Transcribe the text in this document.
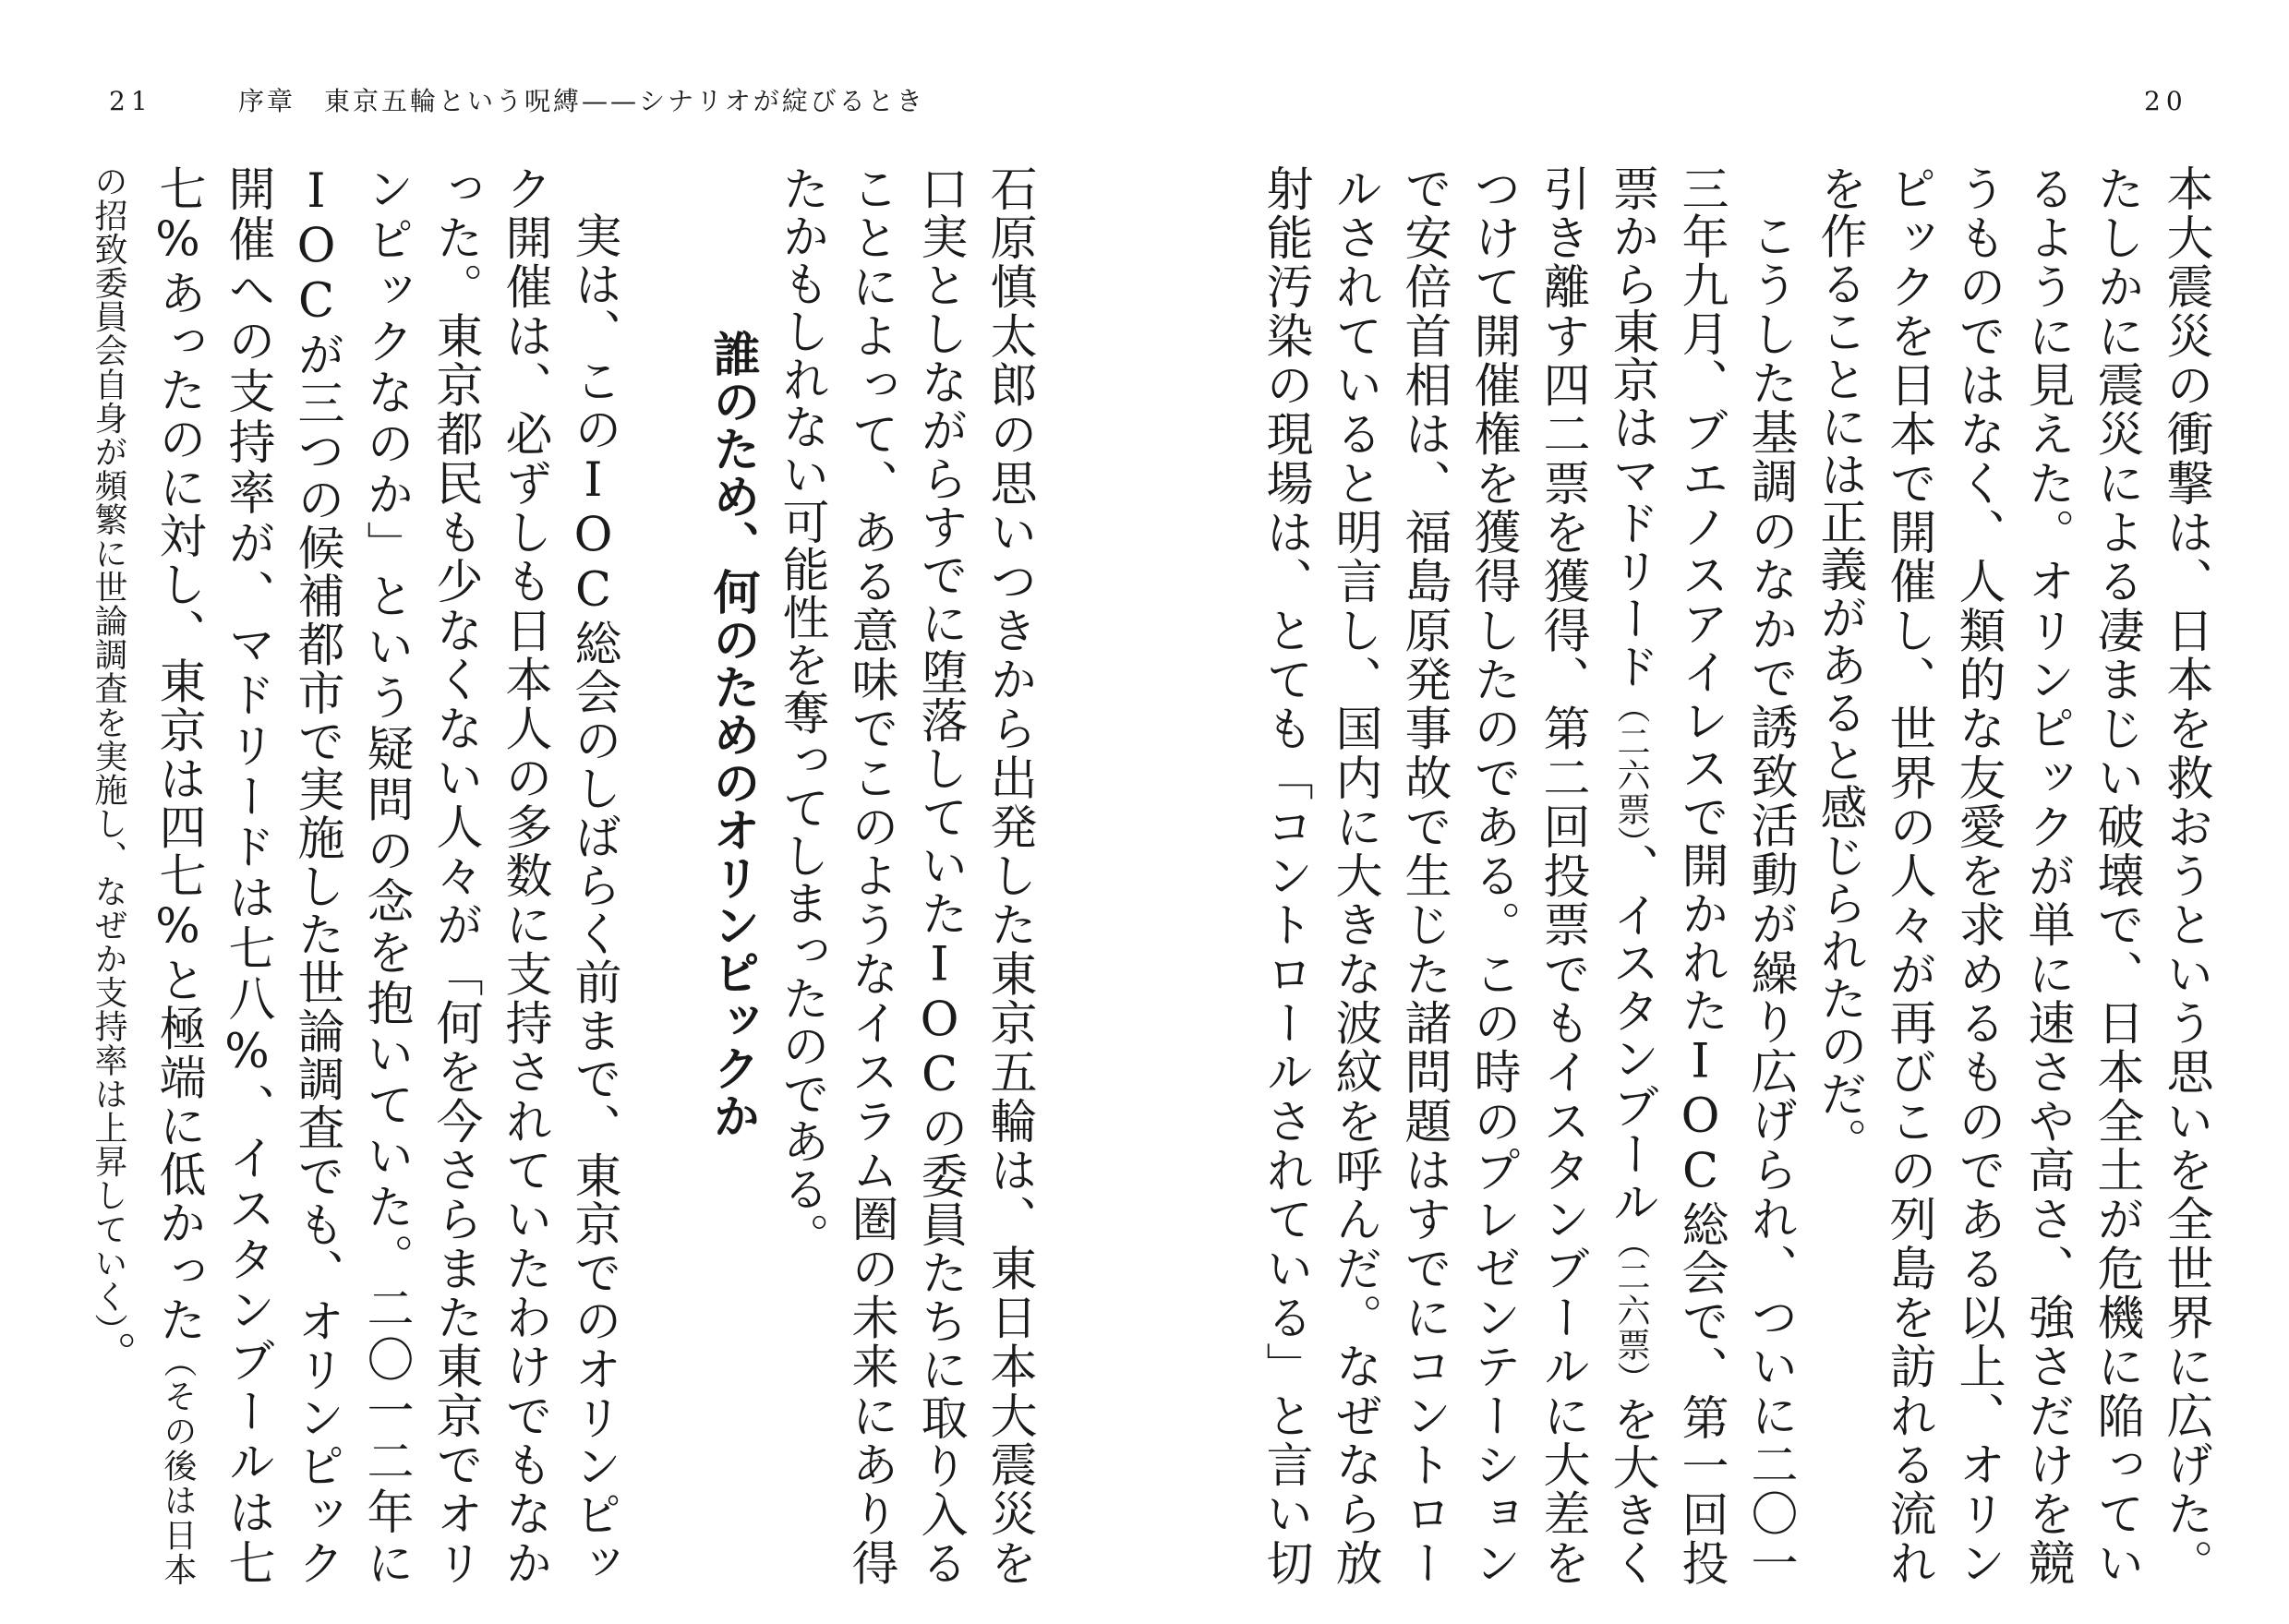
21	序章　東京五輪という呪縛——シナリオが綻びるとき	20

本大震災の衝撃は、日本を救おうという思いを全世界に広げた。たしかに震災による凄まじい破壊で、日本全土が危機に陥っているように見えた。オリンピックが単に速さや高さ、強さだけを競うものではなく、人類的な友愛を求めるものである以上、オリンピックを日本で開催し、世界の人々が再びこの列島を訪れる流れを作ることには正義があると感じられたのだ。

こうした基調のなかで誘致活動が繰り広げられ、ついに二〇一三年九月、ブエノスアイレスで開かれたIOC総会で、第一回投票から東京はマドリード（二六票）、イスタンブール（二六票）を大きく引き離す四二票を獲得、第二回投票でもイスタンブールに大差をつけて開催権を獲得したのである。この時のプレゼンテーションで安倍首相は、福島原発事故で生じた諸問題はすでにコントロールされていると明言し、国内に大きな波紋を呼んだ。なぜなら放射能汚染の現場は、とても「コントロールされている」と言い切

石原慎太郎の思いつきから出発した東京五輪は、東日本大震災を口実としながらすでに堕落していたIOCの委員たちに取り入ることによって、ある意味でこのようなイスラム圏の未来にあり得たかもしれない可能性を奪ってしまったのである。

誰のため、何のためのオリンピックか

実は、このIOC総会のしばらく前まで、東京でのオリンピック開催は、必ずしも日本人の多数に支持されていたわけでもなかった。東京都民も少なくない人々が「何を今さらまた東京でオリンピックなのか」という疑問の念を抱いていた。二〇一二年にIOCが三つの候補都市で実施した世論調査でも、オリンピック開催への支持率が、マドリードは七八%、イスタンブールは七七%あったのに対し、東京は四七%と極端に低かった（その後は日本の招致委員会自身が頻繁に世論調査を実施し、なぜか支持率は上昇していく）。
